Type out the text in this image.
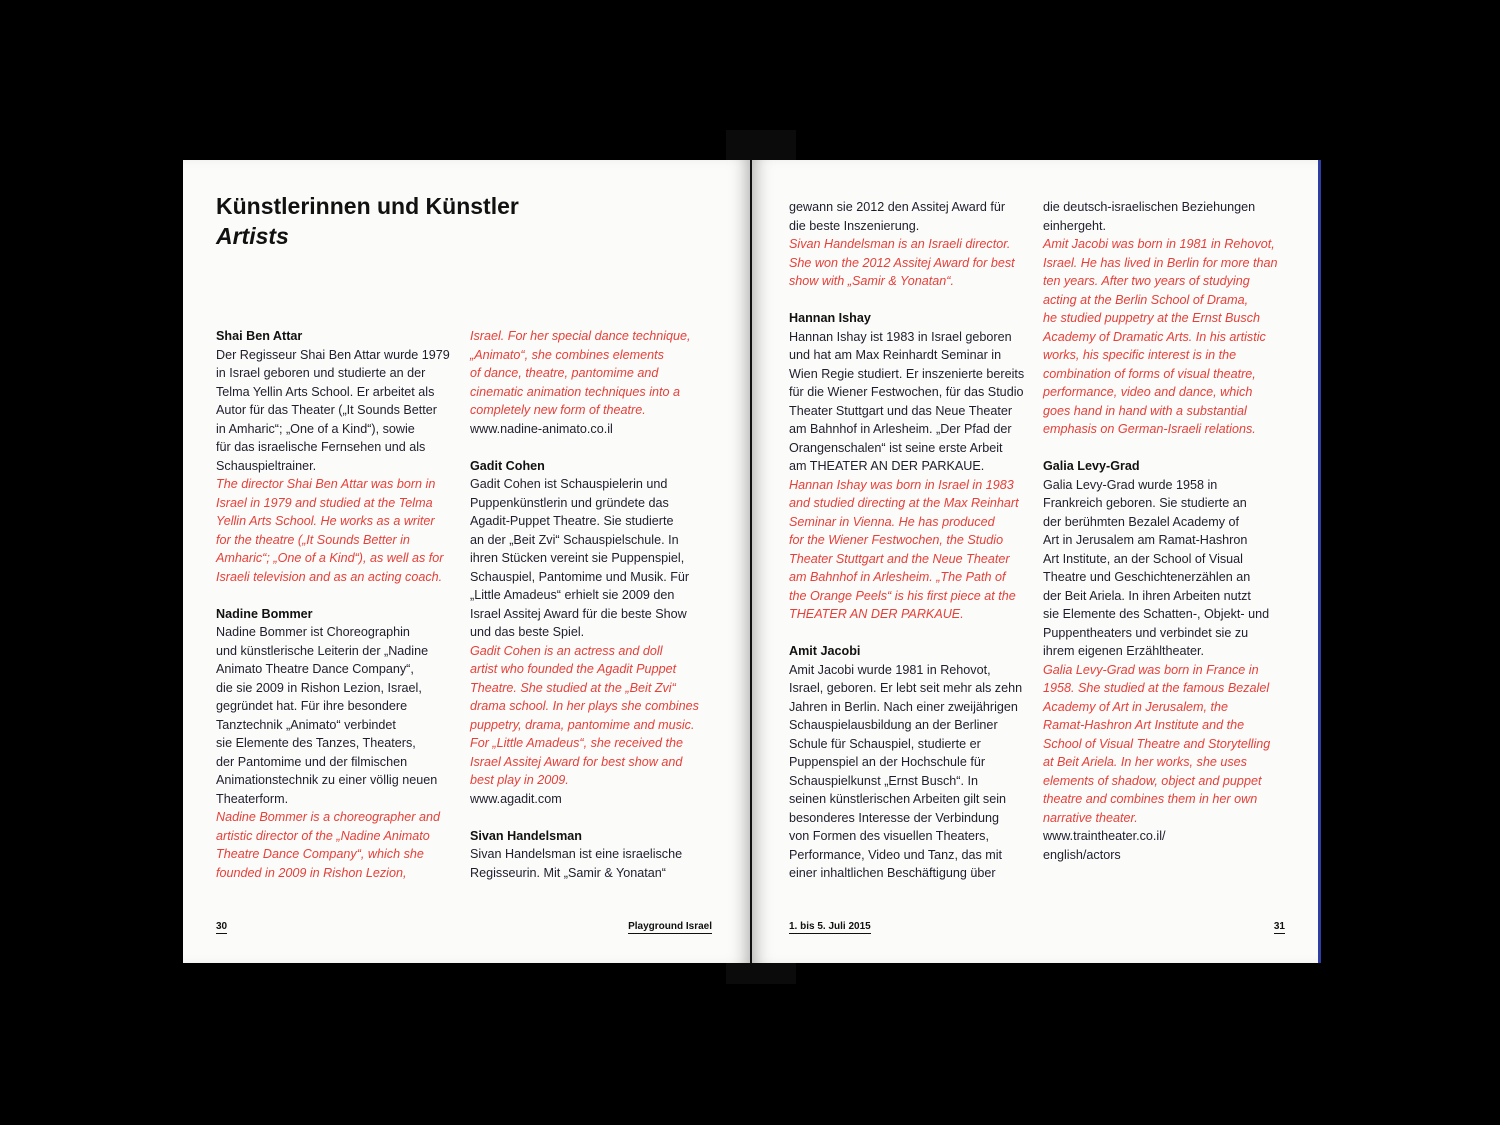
Künstlerinnen und Künstler
Artists

Shai Ben Attar

Der Regisseur Shai Ben Attar wurde 1979

in Israel geboren und studierte an der

Telma Yellin Arts School. Er arbeitet als

Autor für das Theater („It Sounds Better

in Amharic“; „One of a Kind“), sowie

für das israelische Fernsehen und als

Schauspieltrainer.

The director Shai Ben Attar was born in

Israel in 1979 and studied at the Telma

Yellin Arts School. He works as a writer

for the theatre („It Sounds Better in

Amharic“; „One of a Kind“), as well as for

Israeli television and as an acting coach.

Nadine Bommer

Nadine Bommer ist Choreographin

und künstlerische Leiterin der „Nadine

Animato Theatre Dance Company“,

die sie 2009 in Rishon Lezion, Israel,

gegründet hat. Für ihre besondere

Tanztechnik „Animato“ verbindet

sie Elemente des Tanzes, Theaters,

der Pantomime und der filmischen

Animationstechnik zu einer völlig neuen

Theaterform.

Nadine Bommer is a choreographer and

artistic director of the „Nadine Animato

Theatre Dance Company“, which she

founded in 2009 in Rishon Lezion,

Israel. For her special dance technique,

„Animato“, she combines elements

of dance, theatre, pantomime and

cinematic animation techniques into a

completely new form of theatre.

www.nadine-animato.co.il

Gadit Cohen

Gadit Cohen ist Schauspielerin und

Puppenkünstlerin und gründete das

Agadit-Puppet Theatre. Sie studierte

an der „Beit Zvi“ Schauspielschule. In

ihren Stücken vereint sie Puppenspiel,

Schauspiel, Pantomime und Musik. Für

„Little Amadeus“ erhielt sie 2009 den

Israel Assitej Award für die beste Show

und das beste Spiel.

Gadit Cohen is an actress and doll

artist who founded the Agadit Puppet

Theatre. She studied at the „Beit Zvi“

drama school. In her plays she combines

puppetry, drama, pantomime and music.

For „Little Amadeus“, she received the

Israel Assitej Award for best show and

best play in 2009.

www.agadit.com

Sivan Handelsman

Sivan Handelsman ist eine israelische

Regisseurin. Mit „Samir & Yonatan“

gewann sie 2012 den Assitej Award für

die beste Inszenierung.

Sivan Handelsman is an Israeli director.

She won the 2012 Assitej Award for best

show with „Samir & Yonatan“.

Hannan Ishay

Hannan Ishay ist 1983 in Israel geboren

und hat am Max Reinhardt Seminar in

Wien Regie studiert. Er inszenierte bereits

für die Wiener Festwochen, für das Studio

Theater Stuttgart und das Neue Theater

am Bahnhof in Arlesheim. „Der Pfad der

Orangenschalen“ ist seine erste Arbeit

am THEATER AN DER PARKAUE.

Hannan Ishay was born in Israel in 1983

and studied directing at the Max Reinhart

Seminar in Vienna. He has produced

for the Wiener Festwochen, the Studio

Theater Stuttgart and the Neue Theater

am Bahnhof in Arlesheim. „The Path of

the Orange Peels“ is his first piece at the

THEATER AN DER PARKAUE.

Amit Jacobi

Amit Jacobi wurde 1981 in Rehovot,

Israel, geboren. Er lebt seit mehr als zehn

Jahren in Berlin. Nach einer zweijährigen

Schauspielausbildung an der Berliner

Schule für Schauspiel, studierte er

Puppenspiel an der Hochschule für

Schauspielkunst „Ernst Busch“. In

seinen künstlerischen Arbeiten gilt sein

besonderes Interesse der Verbindung

von Formen des visuellen Theaters,

Performance, Video und Tanz, das mit

einer inhaltlichen Beschäftigung über

die deutsch-israelischen Beziehungen

einhergeht.

Amit Jacobi was born in 1981 in Rehovot,

Israel. He has lived in Berlin for more than

ten years. After two years of studying

acting at the Berlin School of Drama,

he studied puppetry at the Ernst Busch

Academy of Dramatic Arts. In his artistic

works, his specific interest is in the

combination of forms of visual theatre,

performance, video and dance, which

goes hand in hand with a substantial

emphasis on German-Israeli relations.

Galia Levy-Grad

Galia Levy-Grad wurde 1958 in

Frankreich geboren. Sie studierte an

der berühmten Bezalel Academy of

Art in Jerusalem am Ramat-Hashron

Art Institute, an der School of Visual

Theatre und Geschichtenerzählen an

der Beit Ariela. In ihren Arbeiten nutzt

sie Elemente des Schatten-, Objekt- und

Puppentheaters und verbindet sie zu

ihrem eigenen Erzähltheater.

Galia Levy-Grad was born in France in

1958. She studied at the famous Bezalel

Academy of Art in Jerusalem, the

Ramat-Hashron Art Institute and the

School of Visual Theatre and Storytelling

at Beit Ariela. In her works, she uses

elements of shadow, object and puppet

theatre and combines them in her own

narrative theater.

www.traintheater.co.il/

english/actors

30	Playground Israel	1. bis 5. Juli 2015	31
